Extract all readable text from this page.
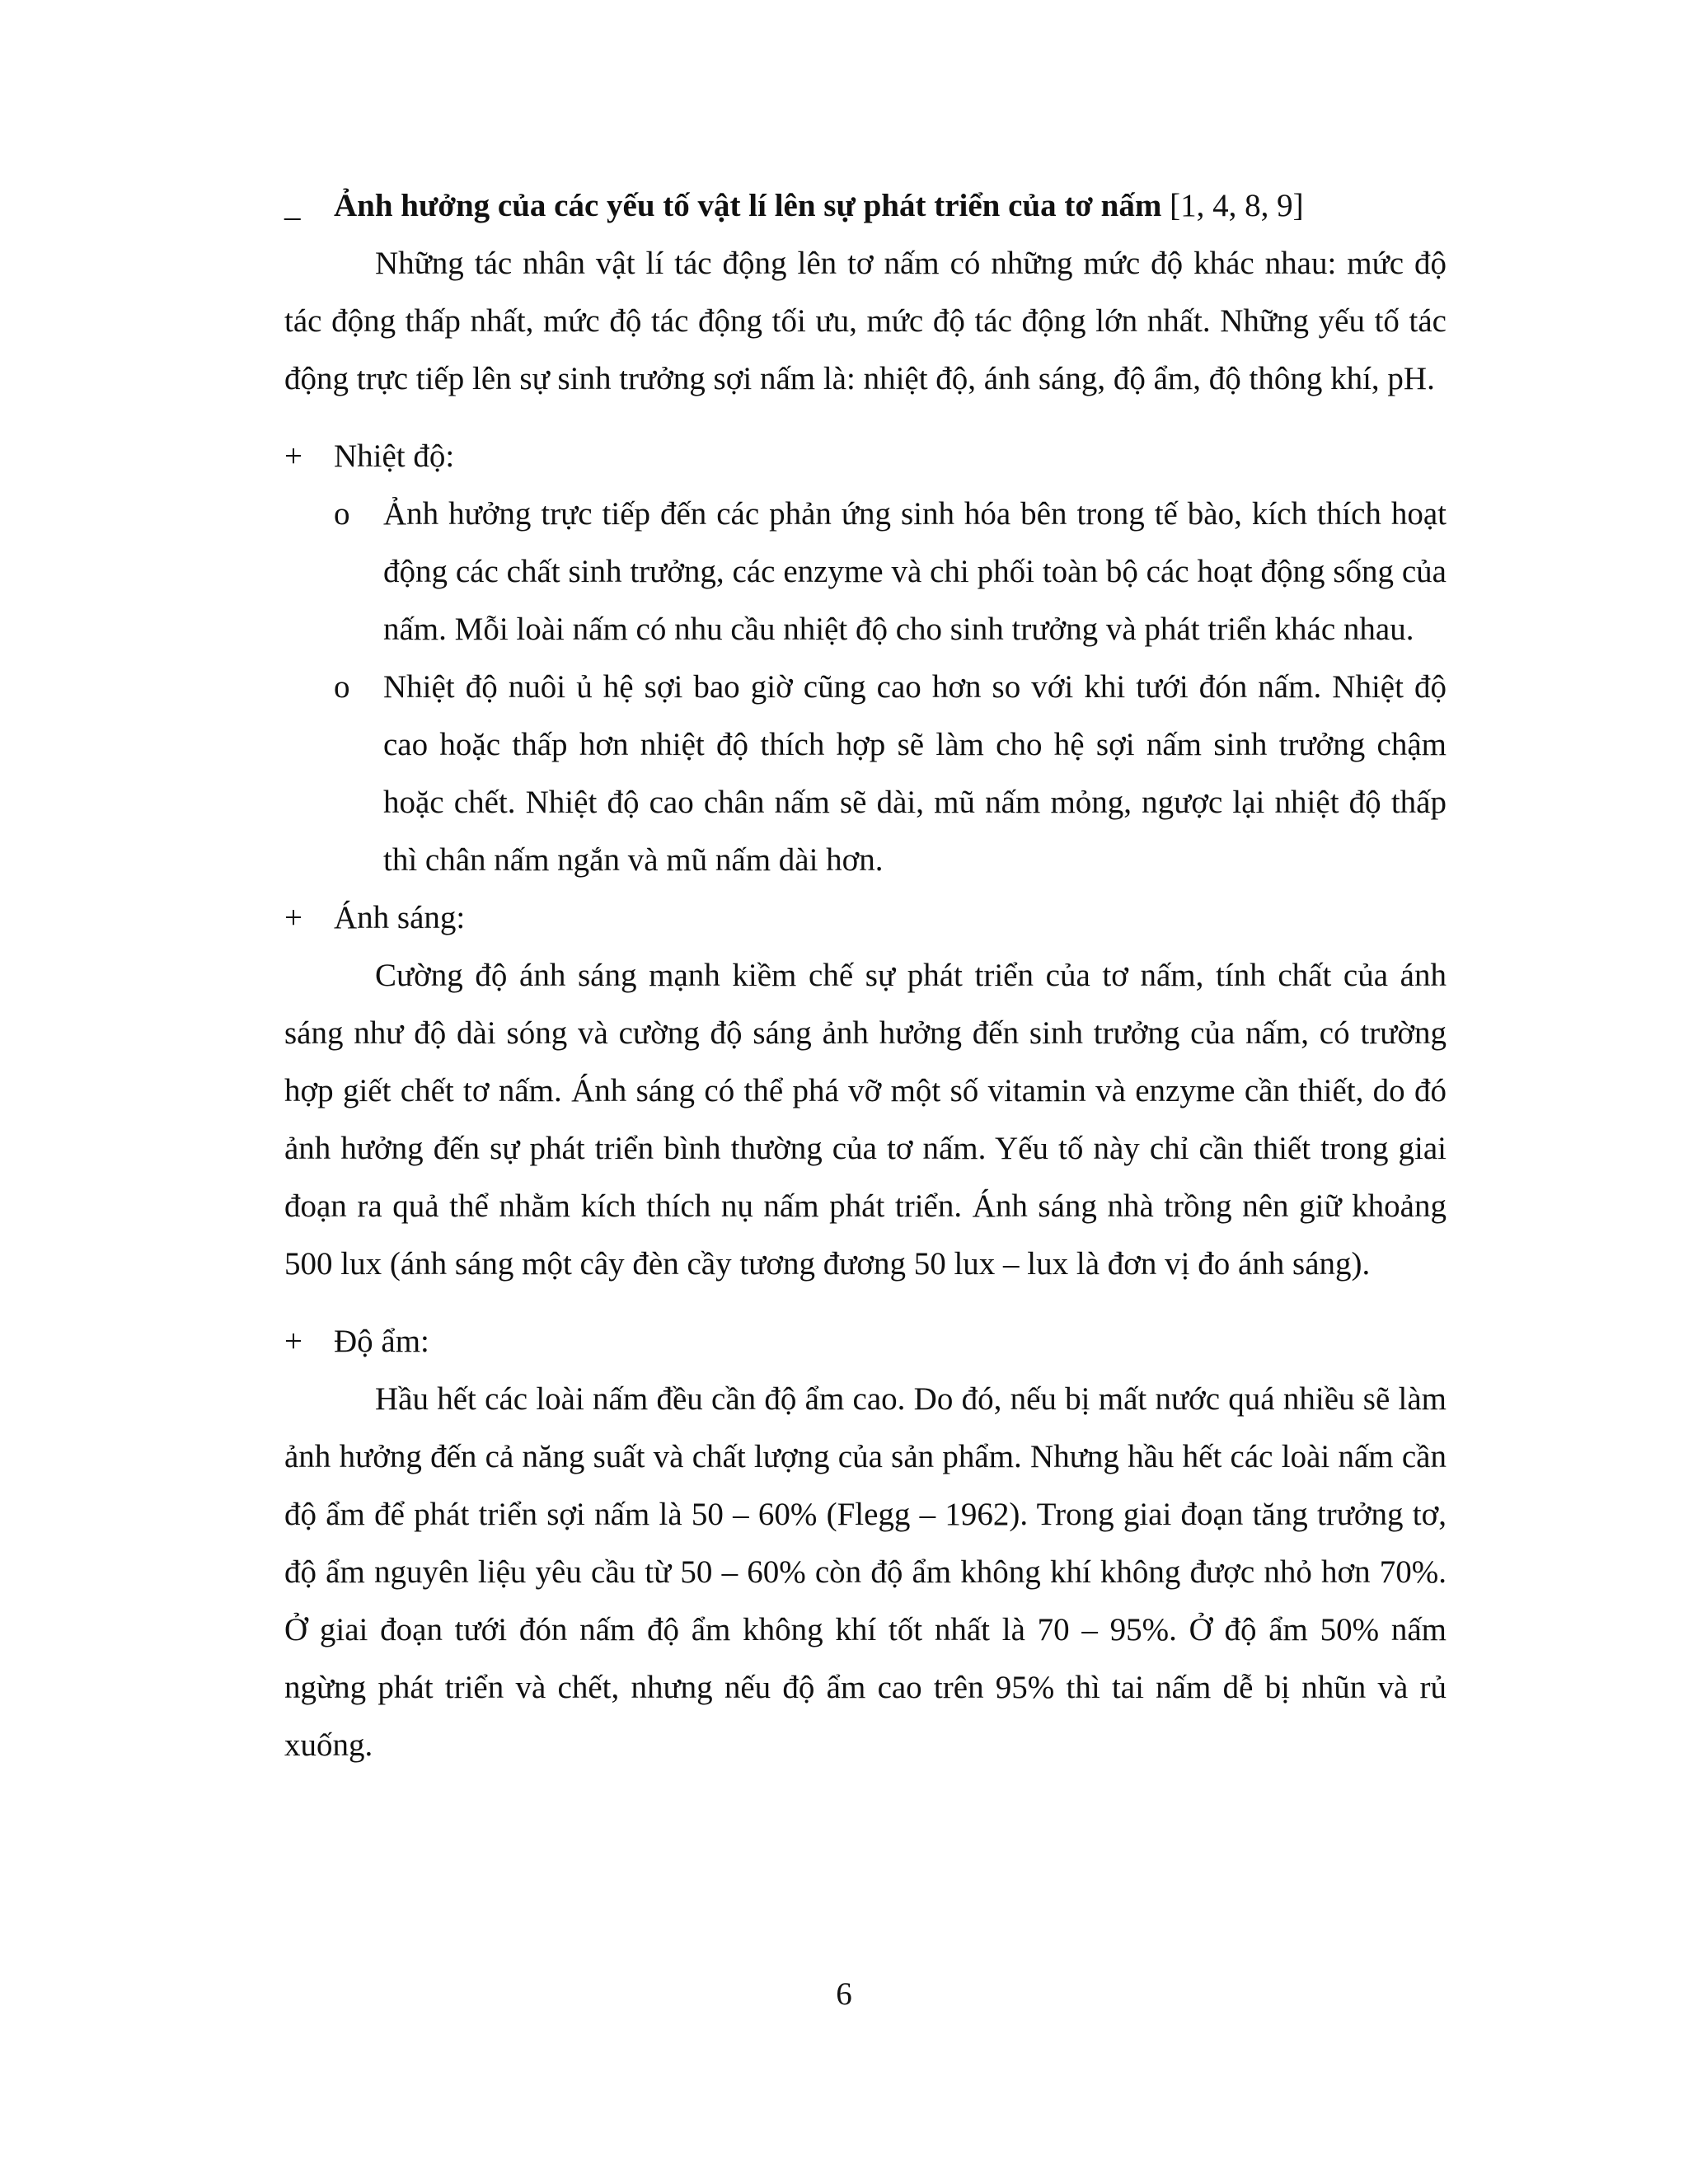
_ Ảnh hưởng của các yếu tố vật lí lên sự phát triển của tơ nấm [1, 4, 8, 9]

Những tác nhân vật lí tác động lên tơ nấm có những mức độ khác nhau: mức độ tác động thấp nhất, mức độ tác động tối ưu, mức độ tác động lớn nhất. Những yếu tố tác động trực tiếp lên sự sinh trưởng sợi nấm là: nhiệt độ, ánh sáng, độ ẩm, độ thông khí, pH.

+ Nhiệt độ:

o Ảnh hưởng trực tiếp đến các phản ứng sinh hóa bên trong tế bào, kích thích hoạt động các chất sinh trưởng, các enzyme và chi phối toàn bộ các hoạt động sống của nấm. Mỗi loài nấm có nhu cầu nhiệt độ cho sinh trưởng và phát triển khác nhau.

o Nhiệt độ nuôi ủ hệ sợi bao giờ cũng cao hơn so với khi tưới đón nấm. Nhiệt độ cao hoặc thấp hơn nhiệt độ thích hợp sẽ làm cho hệ sợi nấm sinh trưởng chậm hoặc chết. Nhiệt độ cao chân nấm sẽ dài, mũ nấm mỏng, ngược lại nhiệt độ thấp thì chân nấm ngắn và mũ nấm dài hơn.

+ Ánh sáng:

Cường độ ánh sáng mạnh kiềm chế sự phát triển của tơ nấm, tính chất của ánh sáng như độ dài sóng và cường độ sáng ảnh hưởng đến sinh trưởng của nấm, có trường hợp giết chết tơ nấm. Ánh sáng có thể phá vỡ một số vitamin và enzyme cần thiết, do đó ảnh hưởng đến sự phát triển bình thường của tơ nấm. Yếu tố này chỉ cần thiết trong giai đoạn ra quả thể nhằm kích thích nụ nấm phát triển. Ánh sáng nhà trồng nên giữ khoảng 500 lux (ánh sáng một cây đèn cầy tương đương 50 lux – lux là đơn vị đo ánh sáng).

+ Độ ẩm:

Hầu hết các loài nấm đều cần độ ẩm cao. Do đó, nếu bị mất nước quá nhiều sẽ làm ảnh hưởng đến cả năng suất và chất lượng của sản phẩm. Nhưng hầu hết các loài nấm cần độ ẩm để phát triển sợi nấm là 50 – 60% (Flegg – 1962). Trong giai đoạn tăng trưởng tơ, độ ẩm nguyên liệu yêu cầu từ 50 – 60% còn độ ẩm không khí không được nhỏ hơn 70%. Ở giai đoạn tưới đón nấm độ ẩm không khí tốt nhất là 70 – 95%. Ở độ ẩm 50% nấm ngừng phát triển và chết, nhưng nếu độ ẩm cao trên 95% thì tai nấm dễ bị nhũn và rủ xuống.

6
